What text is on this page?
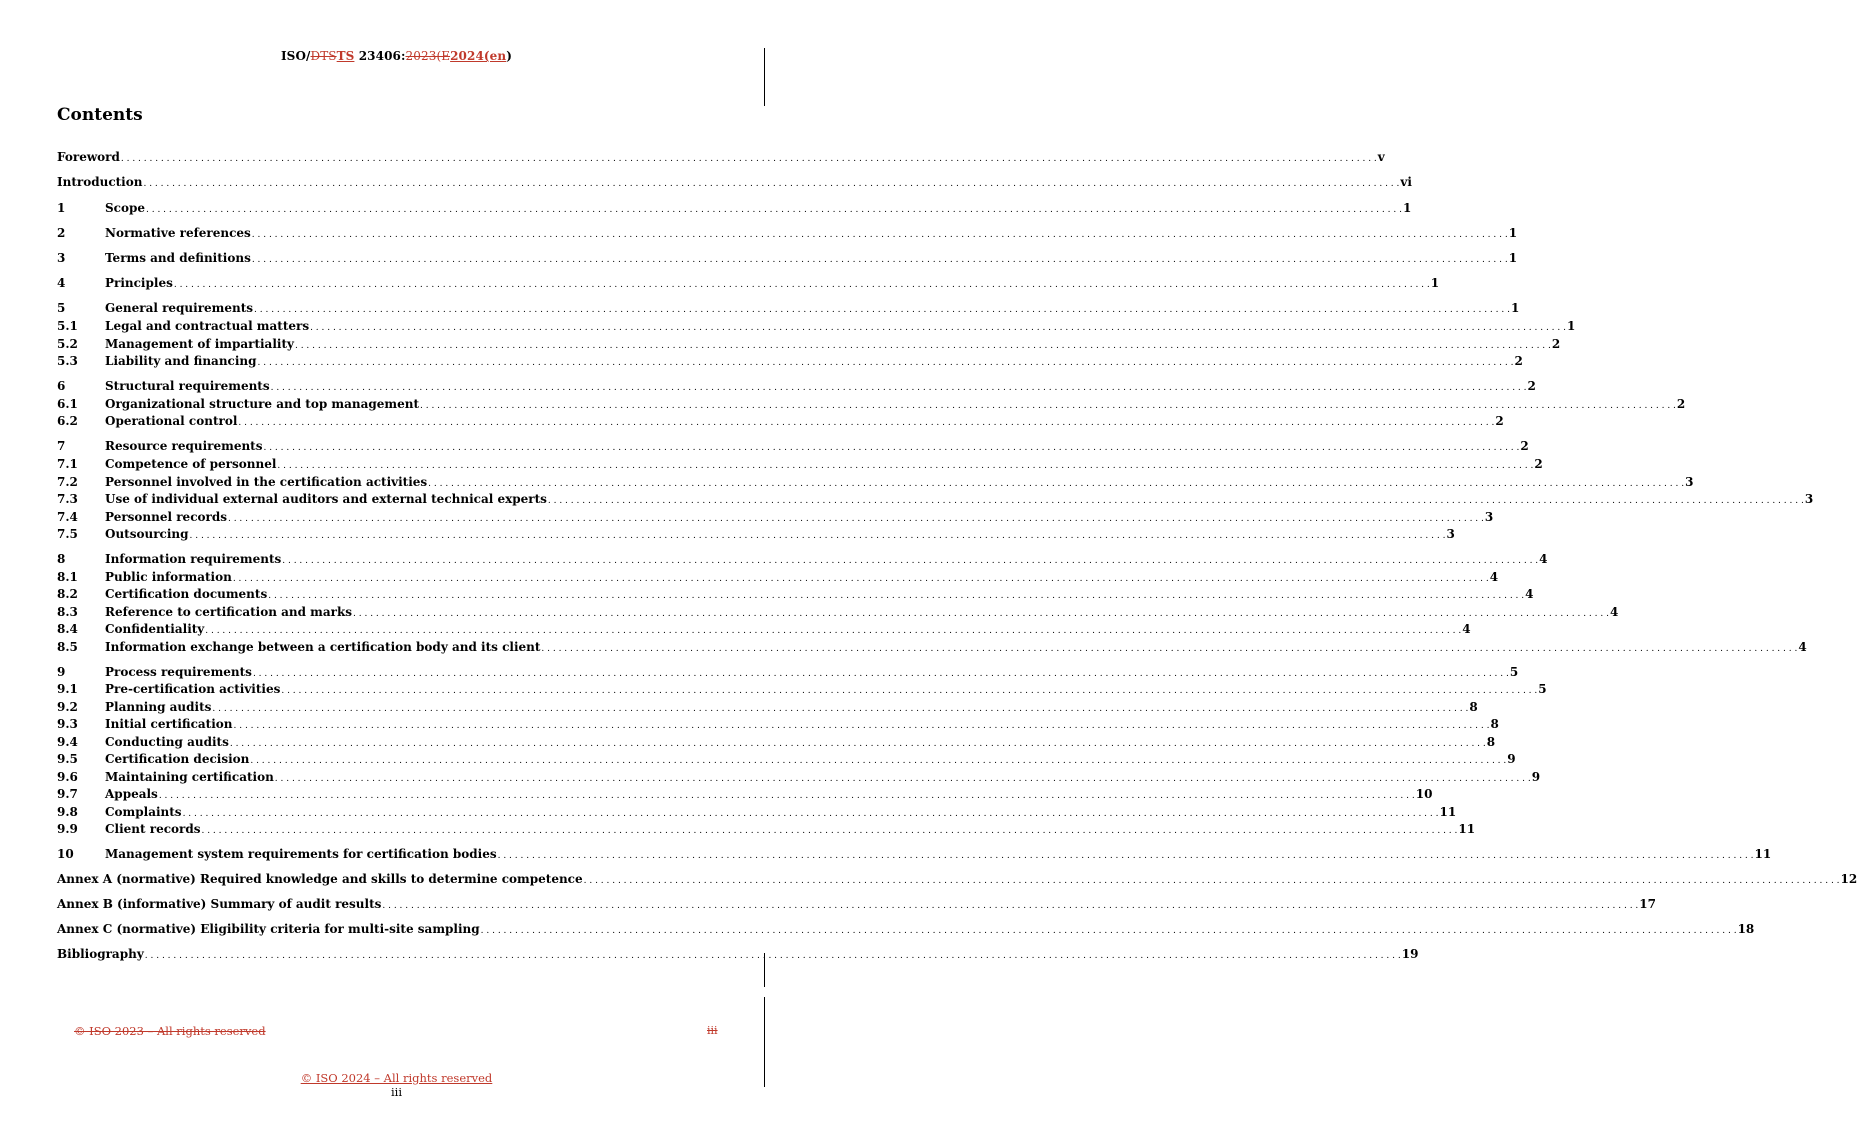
ISO/DTSTS 23406:2023(E2024(en)
Contents
Foreword . . . . . . . . . . . . . . . . . . . . . . . . . . . . . . . . . . . . . . . . . . . . . . . . . . . . . . . . . . . . . . . . . . . . . . . . . . . . . . . . . . . . . . . . . . . . . . . . . . . . . . . . . . . . . . . . . . . . . . . . . . . . . . . . . . . . . . . . . . . . . . . . . . . . . . . . . . . . . . . . . . . . . . . . . . . . . . . . . . . . . . . . . . . . . . . . . . . . . . . . . . . . . . . . . . . . . . . . . . . . v
Introduction . . . . . . . . . . . . . . . . . . . . . . . . . . . . . . . . . . . . . . . . . . . . . . . . . . . . . . . . . . . . . . . . . . . . . . . . . . . . . . . . . . . . . . . . . . . . . . . . . . . . . . . . . . . . . . . . . . . . . . . . . . . . . . . . . . . . . . . . . . . . . . . . . . . . . . . . . . . . . . . . . . . . . . . . . . . . . . . . . . . . . . . . . . . . . . . . . . . . . . . . . . . . . . . . . . . . . . . . . . . . vi
1	Scope . . . . . . . . . . . . . . . . . . . . . . . . . . . . . . . . . . . . . . . . . . . . . . . . . . . . . . . . . . . . . . . . . . . . . . . . . . . . . . . . . . . . . . . . . . . . . . . . . . . . . . . . . . . . . . . . . . . . . . . . . . . . . . . . . . . . . . . . . . . . . . . . . . . . . . . . . . . . . . . . . . . . . . . . . . . . . . . . . . . . . . . . . . . . . . . . . . . . . . . . . . . . . . . . . . . . . . . . . . . . 1
2	Normative references . . . . . . . . . . . . . . . . . . . . . . . . . . . . . . . . . . . . . . . . . . . . . . . . . . . . . . . . . . . . . . . . . . . . . . . . . . . . . . . . . . . . . . . . . . . . . . . . . . . . . . . . . . . . . . . . . . . . . . . . . . . . . . . . . . . . . . . . . . . . . . . . . . . . . . . . . . . . . . . . . . . . . . . . . . . . . . . . . . . . . . . . . . . . . . . . . . . . . . . . . . . . . . . . . . . . . . . . . . . . 1
3	Terms and definitions . . . . . . . . . . . . . . . . . . . . . . . . . . . . . . . . . . . . . . . . . . . . . . . . . . . . . . . . . . . . . . . . . . . . . . . . . . . . . . . . . . . . . . . . . . . . . . . . . . . . . . . . . . . . . . . . . . . . . . . . . . . . . . . . . . . . . . . . . . . . . . . . . . . . . . . . . . . . . . . . . . . . . . . . . . . . . . . . . . . . . . . . . . . . . . . . . . . . . . . . . . . . . . . . . . . . . . . . . . . . 1
4	Principles . . . . . . . . . . . . . . . . . . . . . . . . . . . . . . . . . . . . . . . . . . . . . . . . . . . . . . . . . . . . . . . . . . . . . . . . . . . . . . . . . . . . . . . . . . . . . . . . . . . . . . . . . . . . . . . . . . . . . . . . . . . . . . . . . . . . . . . . . . . . . . . . . . . . . . . . . . . . . . . . . . . . . . . . . . . . . . . . . . . . . . . . . . . . . . . . . . . . . . . . . . . . . . . . . . . . . . . . . . . . 1
5	General requirements . . . . . . . . . . . . . . . . . . . . . . . . . . . . . . . . . . . . . . . . . . . . . . . . . . . . . . . . . . . . . . . . . . . . . . . . . . . . . . . . . . . . . . . . . . . . . . . . . . . . . . . . . . . . . . . . . . . . . . . . . . . . . . . . . . . . . . . . . . . . . . . . . . . . . . . . . . . . . . . . . . . . . . . . . . . . . . . . . . . . . . . . . . . . . . . . . . . . . . . . . . . . . . . . . . . . . . . . . . . . 1
5.1	Legal and contractual matters . . . . . . . . . . . . . . . . . . . . . . . . . . . . . . . . . . . . . . . . . . . . . . . . . . . . . . . . . . . . . . . . . . . . . . . . . . . . . . . . . . . . . . . . . . . . . . . . . . . . . . . . . . . . . . . . . . . . . . . . . . . . . . . . . . . . . . . . . . . . . . . . . . . . . . . . . . . . . . . . . . . . . . . . . . . . . . . . . . . . . . . . . . . . . . . . . . . . . . . . . . . . . . . . . . . . . . . . . . . . 1
5.2	Management of impartiality . . . . . . . . . . . . . . . . . . . . . . . . . . . . . . . . . . . . . . . . . . . . . . . . . . . . . . . . . . . . . . . . . . . . . . . . . . . . . . . . . . . . . . . . . . . . . . . . . . . . . . . . . . . . . . . . . . . . . . . . . . . . . . . . . . . . . . . . . . . . . . . . . . . . . . . . . . . . . . . . . . . . . . . . . . . . . . . . . . . . . . . . . . . . . . . . . . . . . . . . . . . . . . . . . . . . . . . . . . . . 2
5.3	Liability and financing . . . . . . . . . . . . . . . . . . . . . . . . . . . . . . . . . . . . . . . . . . . . . . . . . . . . . . . . . . . . . . . . . . . . . . . . . . . . . . . . . . . . . . . . . . . . . . . . . . . . . . . . . . . . . . . . . . . . . . . . . . . . . . . . . . . . . . . . . . . . . . . . . . . . . . . . . . . . . . . . . . . . . . . . . . . . . . . . . . . . . . . . . . . . . . . . . . . . . . . . . . . . . . . . . . . . . . . . . . . . 2
6	Structural requirements . . . . . . . . . . . . . . . . . . . . . . . . . . . . . . . . . . . . . . . . . . . . . . . . . . . . . . . . . . . . . . . . . . . . . . . . . . . . . . . . . . . . . . . . . . . . . . . . . . . . . . . . . . . . . . . . . . . . . . . . . . . . . . . . . . . . . . . . . . . . . . . . . . . . . . . . . . . . . . . . . . . . . . . . . . . . . . . . . . . . . . . . . . . . . . . . . . . . . . . . . . . . . . . . . . . . . . . . . . . . 2
6.1	Organizational structure and top management . . . . . . . . . . . . . . . . . . . . . . . . . . . . . . . . . . . . . . . . . . . . . . . . . . . . . . . . . . . . . . . . . . . . . . . . . . . . . . . . . . . . . . . . . . . . . . . . . . . . . . . . . . . . . . . . . . . . . . . . . . . . . . . . . . . . . . . . . . . . . . . . . . . . . . . . . . . . . . . . . . . . . . . . . . . . . . . . . . . . . . . . . . . . . . . . . . . . . . . . . . . . . . . . . . . . . . . . . . . . 2
6.2	Operational control . . . . . . . . . . . . . . . . . . . . . . . . . . . . . . . . . . . . . . . . . . . . . . . . . . . . . . . . . . . . . . . . . . . . . . . . . . . . . . . . . . . . . . . . . . . . . . . . . . . . . . . . . . . . . . . . . . . . . . . . . . . . . . . . . . . . . . . . . . . . . . . . . . . . . . . . . . . . . . . . . . . . . . . . . . . . . . . . . . . . . . . . . . . . . . . . . . . . . . . . . . . . . . . . . . . . . . . . . . . . 2
7	Resource requirements . . . . . . . . . . . . . . . . . . . . . . . . . . . . . . . . . . . . . . . . . . . . . . . . . . . . . . . . . . . . . . . . . . . . . . . . . . . . . . . . . . . . . . . . . . . . . . . . . . . . . . . . . . . . . . . . . . . . . . . . . . . . . . . . . . . . . . . . . . . . . . . . . . . . . . . . . . . . . . . . . . . . . . . . . . . . . . . . . . . . . . . . . . . . . . . . . . . . . . . . . . . . . . . . . . . . . . . . . . . . 2
7.1	Competence of personnel . . . . . . . . . . . . . . . . . . . . . . . . . . . . . . . . . . . . . . . . . . . . . . . . . . . . . . . . . . . . . . . . . . . . . . . . . . . . . . . . . . . . . . . . . . . . . . . . . . . . . . . . . . . . . . . . . . . . . . . . . . . . . . . . . . . . . . . . . . . . . . . . . . . . . . . . . . . . . . . . . . . . . . . . . . . . . . . . . . . . . . . . . . . . . . . . . . . . . . . . . . . . . . . . . . . . . . . . . . . . 2
7.2	Personnel involved in the certification activities . . . . . . . . . . . . . . . . . . . . . . . . . . . . . . . . . . . . . . . . . . . . . . . . . . . . . . . . . . . . . . . . . . . . . . . . . . . . . . . . . . . . . . . . . . . . . . . . . . . . . . . . . . . . . . . . . . . . . . . . . . . . . . . . . . . . . . . . . . . . . . . . . . . . . . . . . . . . . . . . . . . . . . . . . . . . . . . . . . . . . . . . . . . . . . . . . . . . . . . . . . . . . . . . . . . . . . . . . . . . 3
7.3	Use of individual external auditors and external technical experts . . . . . . . . . . . . . . . . . . . . . . . . . . . . . . . . . . . . . . . . . . . . . . . . . . . . . . . . . . . . . . . . . . . . . . . . . . . . . . . . . . . . . . . . . . . . . . . . . . . . . . . . . . . . . . . . . . . . . . . . . . . . . . . . . . . . . . . . . . . . . . . . . . . . . . . . . . . . . . . . . . . . . . . . . . . . . . . . . . . . . . . . . . . . . . . . . . . . . . . . . . . . . . . . . . . . . . . . . . . . 3
7.4	Personnel records . . . . . . . . . . . . . . . . . . . . . . . . . . . . . . . . . . . . . . . . . . . . . . . . . . . . . . . . . . . . . . . . . . . . . . . . . . . . . . . . . . . . . . . . . . . . . . . . . . . . . . . . . . . . . . . . . . . . . . . . . . . . . . . . . . . . . . . . . . . . . . . . . . . . . . . . . . . . . . . . . . . . . . . . . . . . . . . . . . . . . . . . . . . . . . . . . . . . . . . . . . . . . . . . . . . . . . . . . . . . 3
7.5	Outsourcing . . . . . . . . . . . . . . . . . . . . . . . . . . . . . . . . . . . . . . . . . . . . . . . . . . . . . . . . . . . . . . . . . . . . . . . . . . . . . . . . . . . . . . . . . . . . . . . . . . . . . . . . . . . . . . . . . . . . . . . . . . . . . . . . . . . . . . . . . . . . . . . . . . . . . . . . . . . . . . . . . . . . . . . . . . . . . . . . . . . . . . . . . . . . . . . . . . . . . . . . . . . . . . . . . . . . . . . . . . . . 3
8	Information requirements . . . . . . . . . . . . . . . . . . . . . . . . . . . . . . . . . . . . . . . . . . . . . . . . . . . . . . . . . . . . . . . . . . . . . . . . . . . . . . . . . . . . . . . . . . . . . . . . . . . . . . . . . . . . . . . . . . . . . . . . . . . . . . . . . . . . . . . . . . . . . . . . . . . . . . . . . . . . . . . . . . . . . . . . . . . . . . . . . . . . . . . . . . . . . . . . . . . . . . . . . . . . . . . . . . . . . . . . . . . . 4
8.1	Public information . . . . . . . . . . . . . . . . . . . . . . . . . . . . . . . . . . . . . . . . . . . . . . . . . . . . . . . . . . . . . . . . . . . . . . . . . . . . . . . . . . . . . . . . . . . . . . . . . . . . . . . . . . . . . . . . . . . . . . . . . . . . . . . . . . . . . . . . . . . . . . . . . . . . . . . . . . . . . . . . . . . . . . . . . . . . . . . . . . . . . . . . . . . . . . . . . . . . . . . . . . . . . . . . . . . . . . . . . . . . 4
8.2	Certification documents . . . . . . . . . . . . . . . . . . . . . . . . . . . . . . . . . . . . . . . . . . . . . . . . . . . . . . . . . . . . . . . . . . . . . . . . . . . . . . . . . . . . . . . . . . . . . . . . . . . . . . . . . . . . . . . . . . . . . . . . . . . . . . . . . . . . . . . . . . . . . . . . . . . . . . . . . . . . . . . . . . . . . . . . . . . . . . . . . . . . . . . . . . . . . . . . . . . . . . . . . . . . . . . . . . . . . . . . . . . . 4
8.3	Reference to certification and marks . . . . . . . . . . . . . . . . . . . . . . . . . . . . . . . . . . . . . . . . . . . . . . . . . . . . . . . . . . . . . . . . . . . . . . . . . . . . . . . . . . . . . . . . . . . . . . . . . . . . . . . . . . . . . . . . . . . . . . . . . . . . . . . . . . . . . . . . . . . . . . . . . . . . . . . . . . . . . . . . . . . . . . . . . . . . . . . . . . . . . . . . . . . . . . . . . . . . . . . . . . . . . . . . . . . . . . . . . . . . 4
8.4	Confidentiality . . . . . . . . . . . . . . . . . . . . . . . . . . . . . . . . . . . . . . . . . . . . . . . . . . . . . . . . . . . . . . . . . . . . . . . . . . . . . . . . . . . . . . . . . . . . . . . . . . . . . . . . . . . . . . . . . . . . . . . . . . . . . . . . . . . . . . . . . . . . . . . . . . . . . . . . . . . . . . . . . . . . . . . . . . . . . . . . . . . . . . . . . . . . . . . . . . . . . . . . . . . . . . . . . . . . . . . . . . . . 4
8.5	Information exchange between a certification body and its client . . . . . . . . . . . . . . . . . . . . . . . . . . . . . . . . . . . . . . . . . . . . . . . . . . . . . . . . . . . . . . . . . . . . . . . . . . . . . . . . . . . . . . . . . . . . . . . . . . . . . . . . . . . . . . . . . . . . . . . . . . . . . . . . . . . . . . . . . . . . . . . . . . . . . . . . . . . . . . . . . . . . . . . . . . . . . . . . . . . . . . . . . . . . . . . . . . . . . . . . . . . . . . . . . . . . . . . . . . . . 4
9	Process requirements . . . . . . . . . . . . . . . . . . . . . . . . . . . . . . . . . . . . . . . . . . . . . . . . . . . . . . . . . . . . . . . . . . . . . . . . . . . . . . . . . . . . . . . . . . . . . . . . . . . . . . . . . . . . . . . . . . . . . . . . . . . . . . . . . . . . . . . . . . . . . . . . . . . . . . . . . . . . . . . . . . . . . . . . . . . . . . . . . . . . . . . . . . . . . . . . . . . . . . . . . . . . . . . . . . . . . . . . . . . . 5
9.1	Pre-certification activities . . . . . . . . . . . . . . . . . . . . . . . . . . . . . . . . . . . . . . . . . . . . . . . . . . . . . . . . . . . . . . . . . . . . . . . . . . . . . . . . . . . . . . . . . . . . . . . . . . . . . . . . . . . . . . . . . . . . . . . . . . . . . . . . . . . . . . . . . . . . . . . . . . . . . . . . . . . . . . . . . . . . . . . . . . . . . . . . . . . . . . . . . . . . . . . . . . . . . . . . . . . . . . . . . . . . . . . . . . . . 5
9.2	Planning audits . . . . . . . . . . . . . . . . . . . . . . . . . . . . . . . . . . . . . . . . . . . . . . . . . . . . . . . . . . . . . . . . . . . . . . . . . . . . . . . . . . . . . . . . . . . . . . . . . . . . . . . . . . . . . . . . . . . . . . . . . . . . . . . . . . . . . . . . . . . . . . . . . . . . . . . . . . . . . . . . . . . . . . . . . . . . . . . . . . . . . . . . . . . . . . . . . . . . . . . . . . . . . . . . . . . . . . . . . . . . 8
9.3	Initial certification . . . . . . . . . . . . . . . . . . . . . . . . . . . . . . . . . . . . . . . . . . . . . . . . . . . . . . . . . . . . . . . . . . . . . . . . . . . . . . . . . . . . . . . . . . . . . . . . . . . . . . . . . . . . . . . . . . . . . . . . . . . . . . . . . . . . . . . . . . . . . . . . . . . . . . . . . . . . . . . . . . . . . . . . . . . . . . . . . . . . . . . . . . . . . . . . . . . . . . . . . . . . . . . . . . . . . . . . . . . . 8
9.4	Conducting audits . . . . . . . . . . . . . . . . . . . . . . . . . . . . . . . . . . . . . . . . . . . . . . . . . . . . . . . . . . . . . . . . . . . . . . . . . . . . . . . . . . . . . . . . . . . . . . . . . . . . . . . . . . . . . . . . . . . . . . . . . . . . . . . . . . . . . . . . . . . . . . . . . . . . . . . . . . . . . . . . . . . . . . . . . . . . . . . . . . . . . . . . . . . . . . . . . . . . . . . . . . . . . . . . . . . . . . . . . . . . 8
9.5	Certification decision . . . . . . . . . . . . . . . . . . . . . . . . . . . . . . . . . . . . . . . . . . . . . . . . . . . . . . . . . . . . . . . . . . . . . . . . . . . . . . . . . . . . . . . . . . . . . . . . . . . . . . . . . . . . . . . . . . . . . . . . . . . . . . . . . . . . . . . . . . . . . . . . . . . . . . . . . . . . . . . . . . . . . . . . . . . . . . . . . . . . . . . . . . . . . . . . . . . . . . . . . . . . . . . . . . . . . . . . . . . . 9
9.6	Maintaining certification . . . . . . . . . . . . . . . . . . . . . . . . . . . . . . . . . . . . . . . . . . . . . . . . . . . . . . . . . . . . . . . . . . . . . . . . . . . . . . . . . . . . . . . . . . . . . . . . . . . . . . . . . . . . . . . . . . . . . . . . . . . . . . . . . . . . . . . . . . . . . . . . . . . . . . . . . . . . . . . . . . . . . . . . . . . . . . . . . . . . . . . . . . . . . . . . . . . . . . . . . . . . . . . . . . . . . . . . . . . . 9
9.7	Appeals . . . . . . . . . . . . . . . . . . . . . . . . . . . . . . . . . . . . . . . . . . . . . . . . . . . . . . . . . . . . . . . . . . . . . . . . . . . . . . . . . . . . . . . . . . . . . . . . . . . . . . . . . . . . . . . . . . . . . . . . . . . . . . . . . . . . . . . . . . . . . . . . . . . . . . . . . . . . . . . . . . . . . . . . . . . . . . . . . . . . . . . . . . . . . . . . . . . . . . . . . . . . . . . . . . . . . . . . . . . . 10
9.8	Complaints . . . . . . . . . . . . . . . . . . . . . . . . . . . . . . . . . . . . . . . . . . . . . . . . . . . . . . . . . . . . . . . . . . . . . . . . . . . . . . . . . . . . . . . . . . . . . . . . . . . . . . . . . . . . . . . . . . . . . . . . . . . . . . . . . . . . . . . . . . . . . . . . . . . . . . . . . . . . . . . . . . . . . . . . . . . . . . . . . . . . . . . . . . . . . . . . . . . . . . . . . . . . . . . . . . . . . . . . . . . . 11
9.9	Client records . . . . . . . . . . . . . . . . . . . . . . . . . . . . . . . . . . . . . . . . . . . . . . . . . . . . . . . . . . . . . . . . . . . . . . . . . . . . . . . . . . . . . . . . . . . . . . . . . . . . . . . . . . . . . . . . . . . . . . . . . . . . . . . . . . . . . . . . . . . . . . . . . . . . . . . . . . . . . . . . . . . . . . . . . . . . . . . . . . . . . . . . . . . . . . . . . . . . . . . . . . . . . . . . . . . . . . . . . . . . 11
10	Management system requirements for certification bodies . . . . . . . . . . . . . . . . . . . . . . . . . . . . . . . . . . . . . . . . . . . . . . . . . . . . . . . . . . . . . . . . . . . . . . . . . . . . . . . . . . . . . . . . . . . . . . . . . . . . . . . . . . . . . . . . . . . . . . . . . . . . . . . . . . . . . . . . . . . . . . . . . . . . . . . . . . . . . . . . . . . . . . . . . . . . . . . . . . . . . . . . . . . . . . . . . . . . . . . . . . . . . . . . . . . . . . . . . . . . 11
Annex A (normative) Required knowledge and skills to determine competence . . . . . . . . . . . . . . . . . . . . . . . . . . . . . . . . . . . . . . . . . . . . . . . . . . . . . . . . . . . . . . . . . . . . . . . . . . . . . . . . . . . . . . . . . . . . . . . . . . . . . . . . . . . . . . . . . . . . . . . . . . . . . . . . . . . . . . . . . . . . . . . . . . . . . . . . . . . . . . . . . . . . . . . . . . . . . . . . . . . . . . . . . . . . . . . . . . . . . . . . . . . . . . . . . . . . . . . . . . . . 12
Annex B (informative) Summary of audit results . . . . . . . . . . . . . . . . . . . . . . . . . . . . . . . . . . . . . . . . . . . . . . . . . . . . . . . . . . . . . . . . . . . . . . . . . . . . . . . . . . . . . . . . . . . . . . . . . . . . . . . . . . . . . . . . . . . . . . . . . . . . . . . . . . . . . . . . . . . . . . . . . . . . . . . . . . . . . . . . . . . . . . . . . . . . . . . . . . . . . . . . . . . . . . . . . . . . . . . . . . . . . . . . . . . . . . . . . . . . 17
Annex C (normative) Eligibility criteria for multi-site sampling . . . . . . . . . . . . . . . . . . . . . . . . . . . . . . . . . . . . . . . . . . . . . . . . . . . . . . . . . . . . . . . . . . . . . . . . . . . . . . . . . . . . . . . . . . . . . . . . . . . . . . . . . . . . . . . . . . . . . . . . . . . . . . . . . . . . . . . . . . . . . . . . . . . . . . . . . . . . . . . . . . . . . . . . . . . . . . . . . . . . . . . . . . . . . . . . . . . . . . . . . . . . . . . . . . . . . . . . . . . . 18
Bibliography . . . . . . . . . . . . . . . . . . . . . . . . . . . . . . . . . . . . . . . . . . . . . . . . . . . . . . . . . . . . . . . . . . . . . . . . . . . . . . . . . . . . . . . . . . . . . . . . . . . . . . . . . . . . . . . . . . . . . . . . . . . . . . . . . . . . . . . . . . . . . . . . . . . . . . . . . . . . . . . . . . . . . . . . . . . . . . . . . . . . . . . . . . . . . . . . . . . . . . . . . . . . . . . . . . . . . . . . . . . . 19
© ISO 2023 – All rights reserved	iii
© ISO 2024 – All rights reserved
iii
